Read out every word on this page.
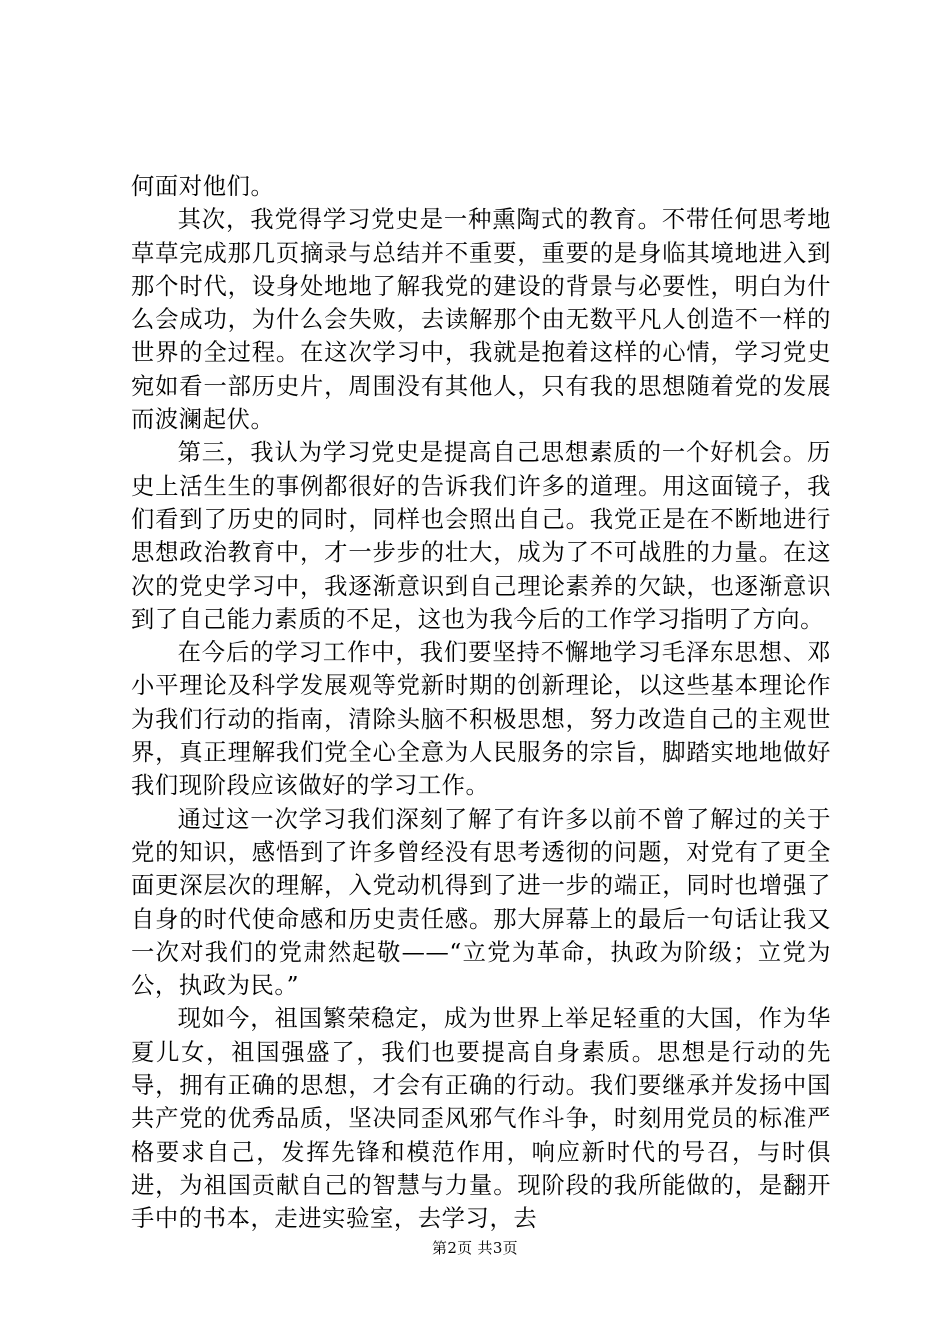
何面对他们。

其次，我党得学习党史是一种熏陶式的教育。不带任何思考地草草完成那几页摘录与总结并不重要，重要的是身临其境地进入到那个时代，设身处地地了解我党的建设的背景与必要性，明白为什么会成功，为什么会失败，去读解那个由无数平凡人创造不一样的世界的全过程。在这次学习中，我就是抱着这样的心情，学习党史宛如看一部历史片，周围没有其他人，只有我的思想随着党的发展而波澜起伏。

第三，我认为学习党史是提高自己思想素质的一个好机会。历史上活生生的事例都很好的告诉我们许多的道理。用这面镜子，我们看到了历史的同时，同样也会照出自己。我党正是在不断地进行思想政治教育中，才一步步的壮大，成为了不可战胜的力量。在这次的党史学习中，我逐渐意识到自己理论素养的欠缺，也逐渐意识到了自己能力素质的不足，这也为我今后的工作学习指明了方向。

在今后的学习工作中，我们要坚持不懈地学习毛泽东思想、邓小平理论及科学发展观等党新时期的创新理论，以这些基本理论作为我们行动的指南，清除头脑不积极思想，努力改造自己的主观世界，真正理解我们党全心全意为人民服务的宗旨，脚踏实地地做好我们现阶段应该做好的学习工作。

通过这一次学习我们深刻了解了有许多以前不曾了解过的关于党的知识，感悟到了许多曾经没有思考透彻的问题，对党有了更全面更深层次的理解，入党动机得到了进一步的端正，同时也增强了自身的时代使命感和历史责任感。那大屏幕上的最后一句话让我又一次对我们的党肃然起敬——“立党为革命，执政为阶级；立党为公，执政为民。”

现如今，祖国繁荣稳定，成为世界上举足轻重的大国，作为华夏儿女，祖国强盛了，我们也要提高自身素质。思想是行动的先导，拥有正确的思想，才会有正确的行动。我们要继承并发扬中国共产党的优秀品质，坚决同歪风邪气作斗争，时刻用党员的标准严格要求自己，发挥先锋和模范作用，响应新时代的号召，与时俱进，为祖国贡献自己的智慧与力量。现阶段的我所能做的，是翻开手中的书本，走进实验室，去学习，去

第2页 共3页
